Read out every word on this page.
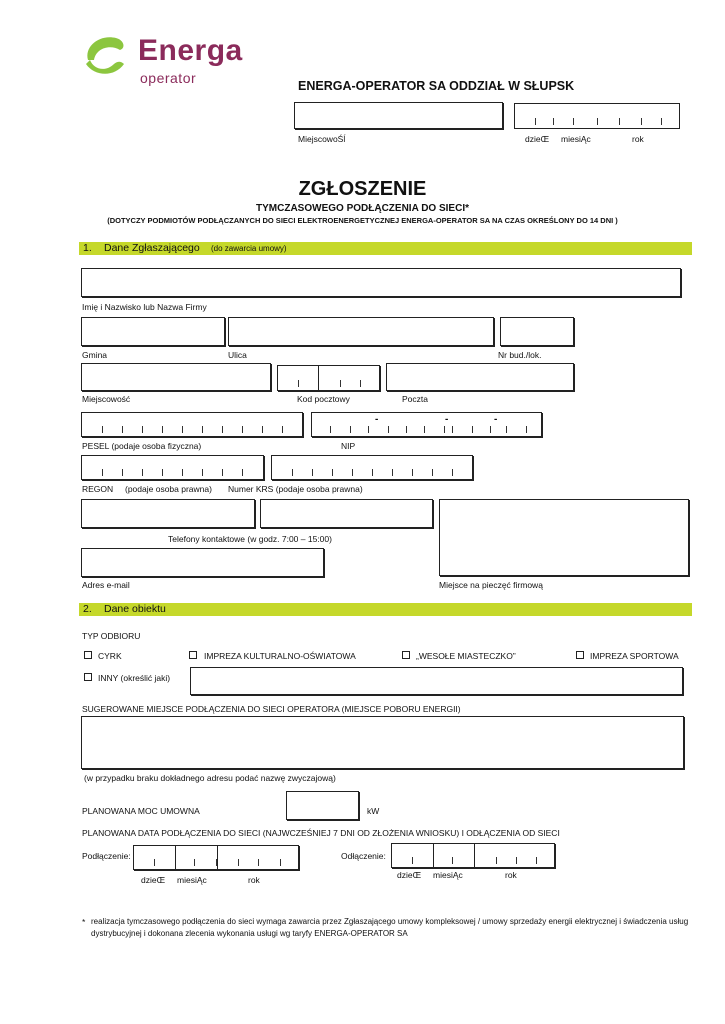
Energa
operator	ENERGA-OPERATOR SA ODDZIAŁ W SŁUPSK
MiejscowoŚĺ	dzieŒ miesiĄc	rok
ZGŁOSZENIE
TYMCZASOWEGO PODŁĄCZENIA DO SIECI*
(DOTYCZY PODMIOTÓW PODŁĄCZANYCH DO SIECI ELEKTROENERGETYCZNEJ ENERGA-OPERATOR SA NA CZAS OKREŚLONY DO 14 DNI )
1. Dane Zgłaszającego (do zawarcia umowy)
Imię i Nazwisko lub Nazwa Firmy
Gmina	Ulica	Nr bud./lok.
Miejscowość	Kod pocztowy	Poczta
-	-	-
PESEL (podaje osoba fizyczna)	NIP
REGON (podaje osoba prawna) Numer KRS (podaje osoba prawna)
Telefony kontaktowe (w godz. 7:00 – 15:00)
Adres e-mail	Miejsce na pieczęć firmową
2. Dane obiektu
TYP ODBIORU
CYRK	IMPREZA KULTURALNO-OŚWIATOWA	„WESOŁE MIASTECZKO”	IMPREZA SPORTOWA
INNY (określić jaki)
SUGEROWANE MIEJSCE PODŁĄCZENIA DO SIECI OPERATORA (MIEJSCE POBORU ENERGII)
(w przypadku braku dokładnego adresu podać nazwę zwyczajową)
PLANOWANA MOC UMOWNA	kW
PLANOWANA DATA PODŁĄCZENIA DO SIECI (NAJWCZEŚNIEJ 7 DNI OD ZŁOŻENIA WNIOSKU) I ODŁĄCZENIA OD SIECI
Podłączenie:
dzieŒ miesiĄc	rok
Odłączenie:
dzieŒ miesiĄc	rok
* realizacja tymczasowego podłączenia do sieci wymaga zawarcia przez Zgłaszającego umowy kompleksowej / umowy sprzedaży energii elektrycznej i świadczenia usług
dystrybucyjnej i dokonana zlecenia wykonania usługi wg taryfy ENERGA-OPERATOR SA
